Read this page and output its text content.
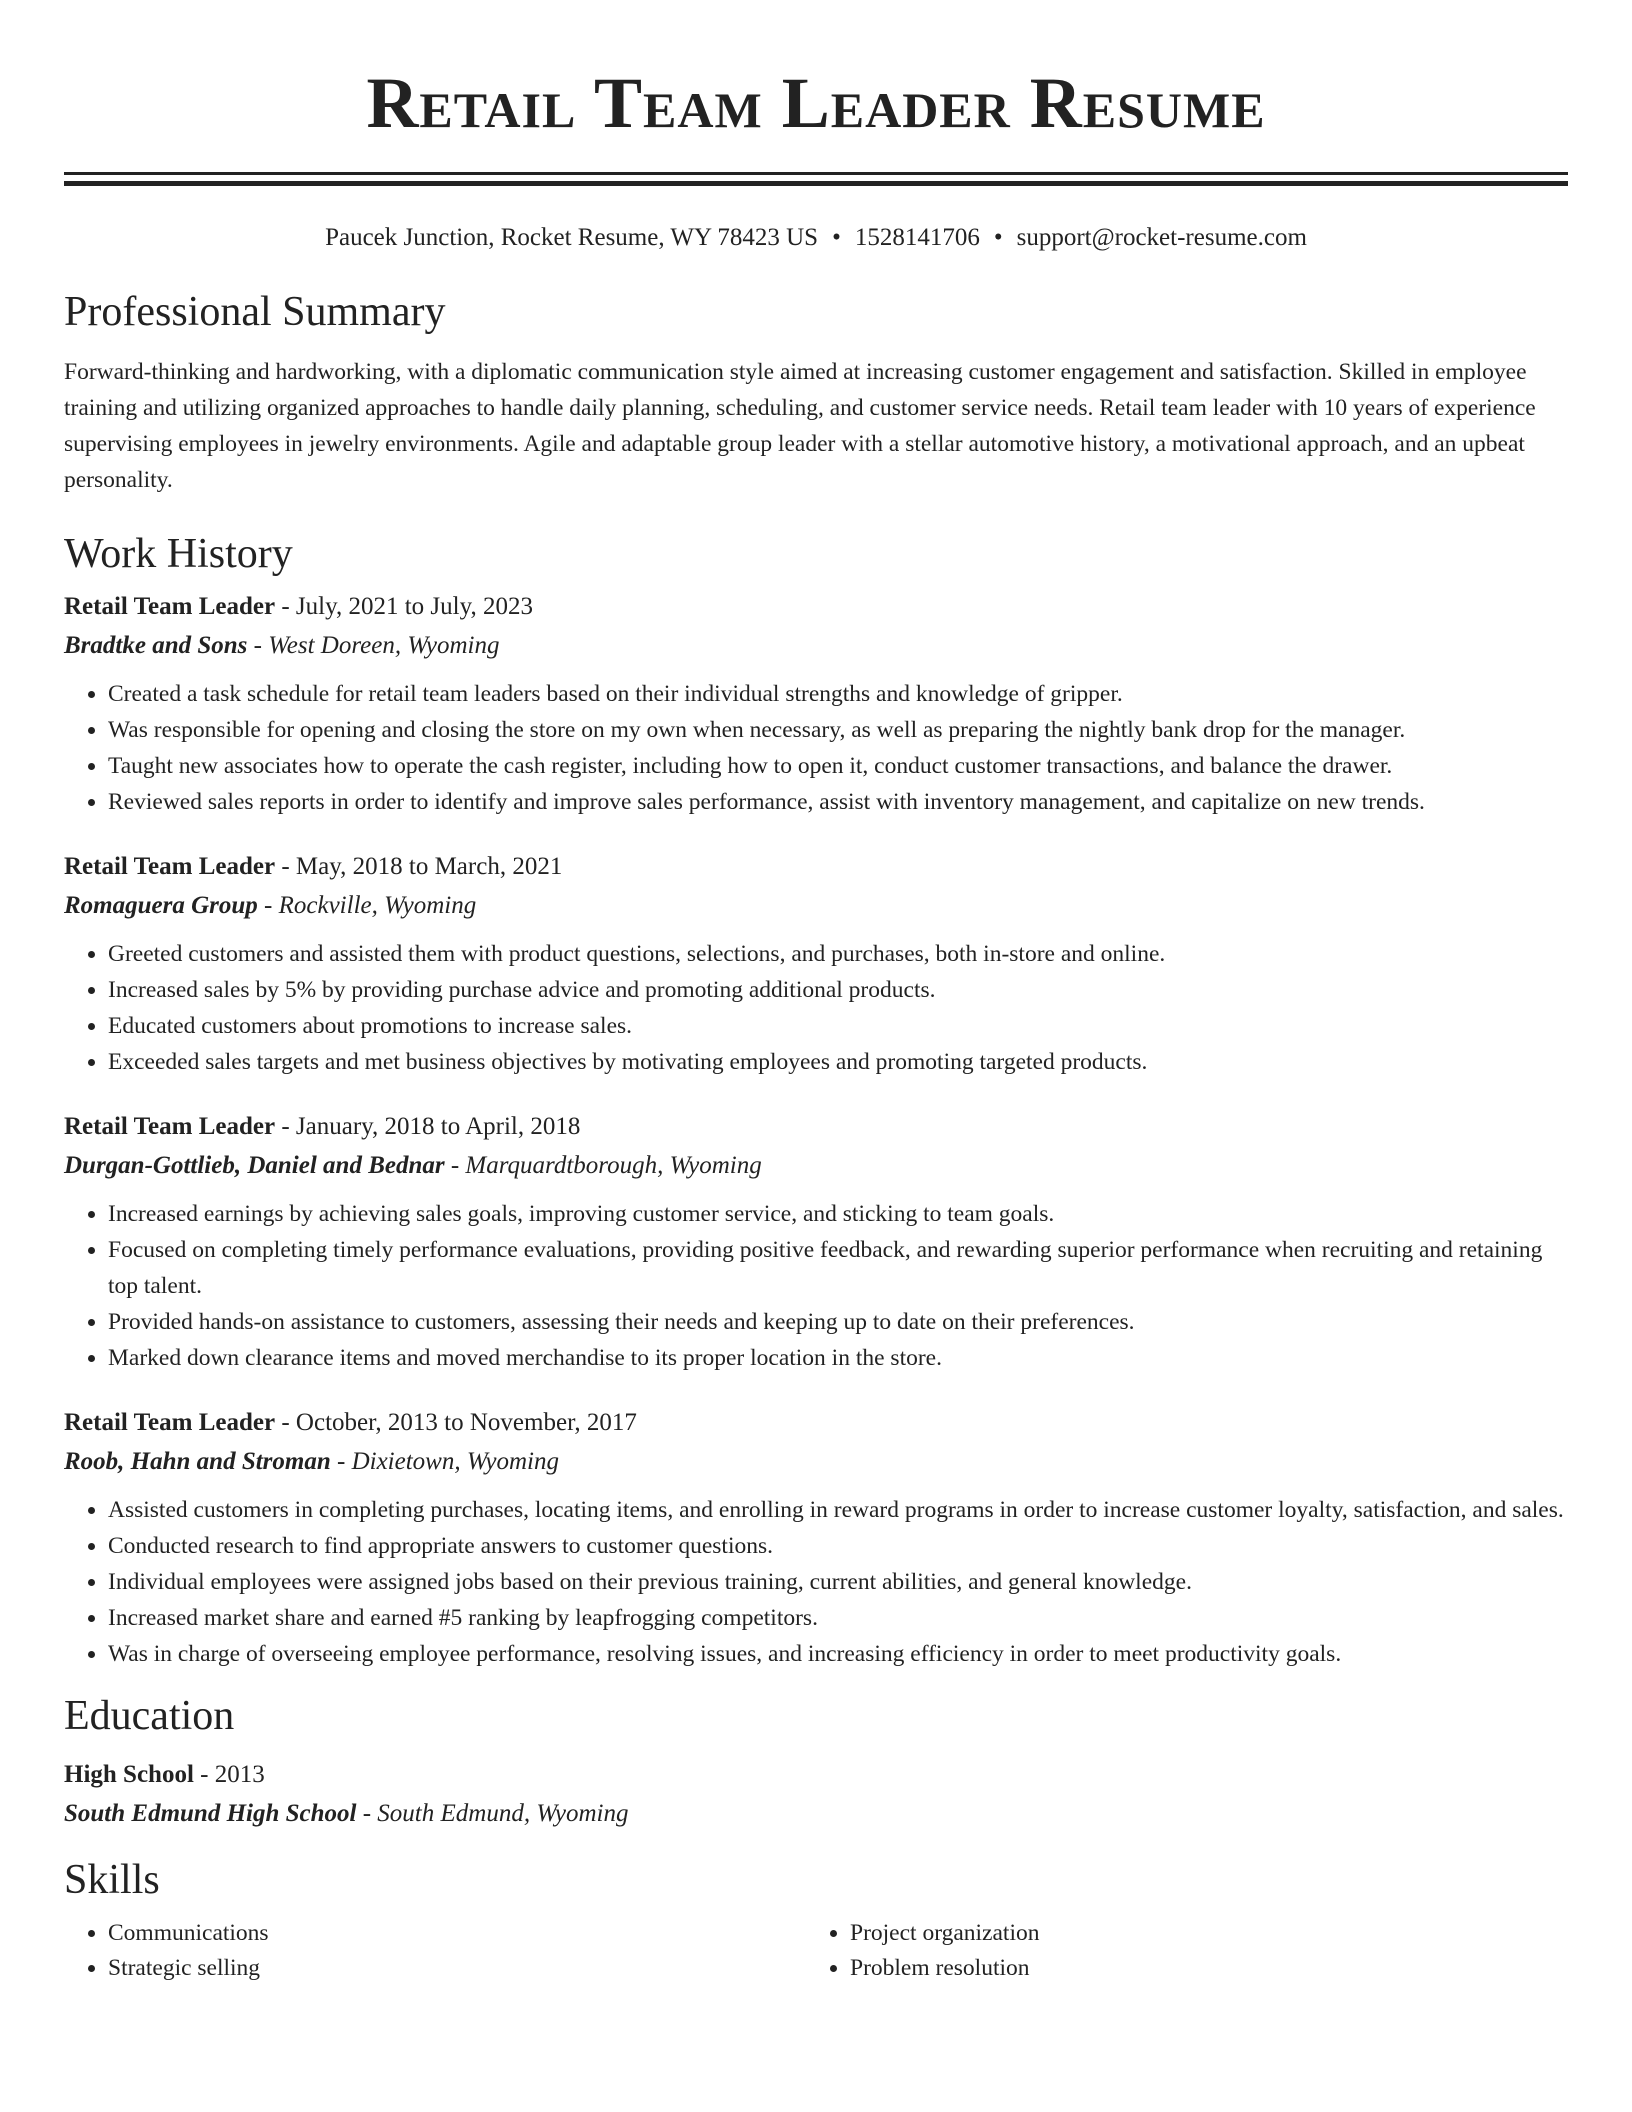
Retail Team Leader Resume
Paucek Junction, Rocket Resume, WY 78423 US • 1528141706 • support@rocket-resume.com
Professional Summary
Forward-thinking and hardworking, with a diplomatic communication style aimed at increasing customer engagement and satisfaction. Skilled in employee training and utilizing organized approaches to handle daily planning, scheduling, and customer service needs. Retail team leader with 10 years of experience supervising employees in jewelry environments. Agile and adaptable group leader with a stellar automotive history, a motivational approach, and an upbeat personality.
Work History
Retail Team Leader - July, 2021 to July, 2023
Bradtke and Sons - West Doreen, Wyoming
• Created a task schedule for retail team leaders based on their individual strengths and knowledge of gripper.
• Was responsible for opening and closing the store on my own when necessary, as well as preparing the nightly bank drop for the manager.
• Taught new associates how to operate the cash register, including how to open it, conduct customer transactions, and balance the drawer.
• Reviewed sales reports in order to identify and improve sales performance, assist with inventory management, and capitalize on new trends.
Retail Team Leader - May, 2018 to March, 2021
Romaguera Group - Rockville, Wyoming
• Greeted customers and assisted them with product questions, selections, and purchases, both in-store and online.
• Increased sales by 5% by providing purchase advice and promoting additional products.
• Educated customers about promotions to increase sales.
• Exceeded sales targets and met business objectives by motivating employees and promoting targeted products.
Retail Team Leader - January, 2018 to April, 2018
Durgan-Gottlieb, Daniel and Bednar - Marquardtborough, Wyoming
• Increased earnings by achieving sales goals, improving customer service, and sticking to team goals.
• Focused on completing timely performance evaluations, providing positive feedback, and rewarding superior performance when recruiting and retaining top talent.
• Provided hands-on assistance to customers, assessing their needs and keeping up to date on their preferences.
• Marked down clearance items and moved merchandise to its proper location in the store.
Retail Team Leader - October, 2013 to November, 2017
Roob, Hahn and Stroman - Dixietown, Wyoming
• Assisted customers in completing purchases, locating items, and enrolling in reward programs in order to increase customer loyalty, satisfaction, and sales.
• Conducted research to find appropriate answers to customer questions.
• Individual employees were assigned jobs based on their previous training, current abilities, and general knowledge.
• Increased market share and earned #5 ranking by leapfrogging competitors.
• Was in charge of overseeing employee performance, resolving issues, and increasing efficiency in order to meet productivity goals.
Education
High School - 2013
South Edmund High School - South Edmund, Wyoming
Skills
• Communications
• Strategic selling
• Project organization
• Problem resolution
